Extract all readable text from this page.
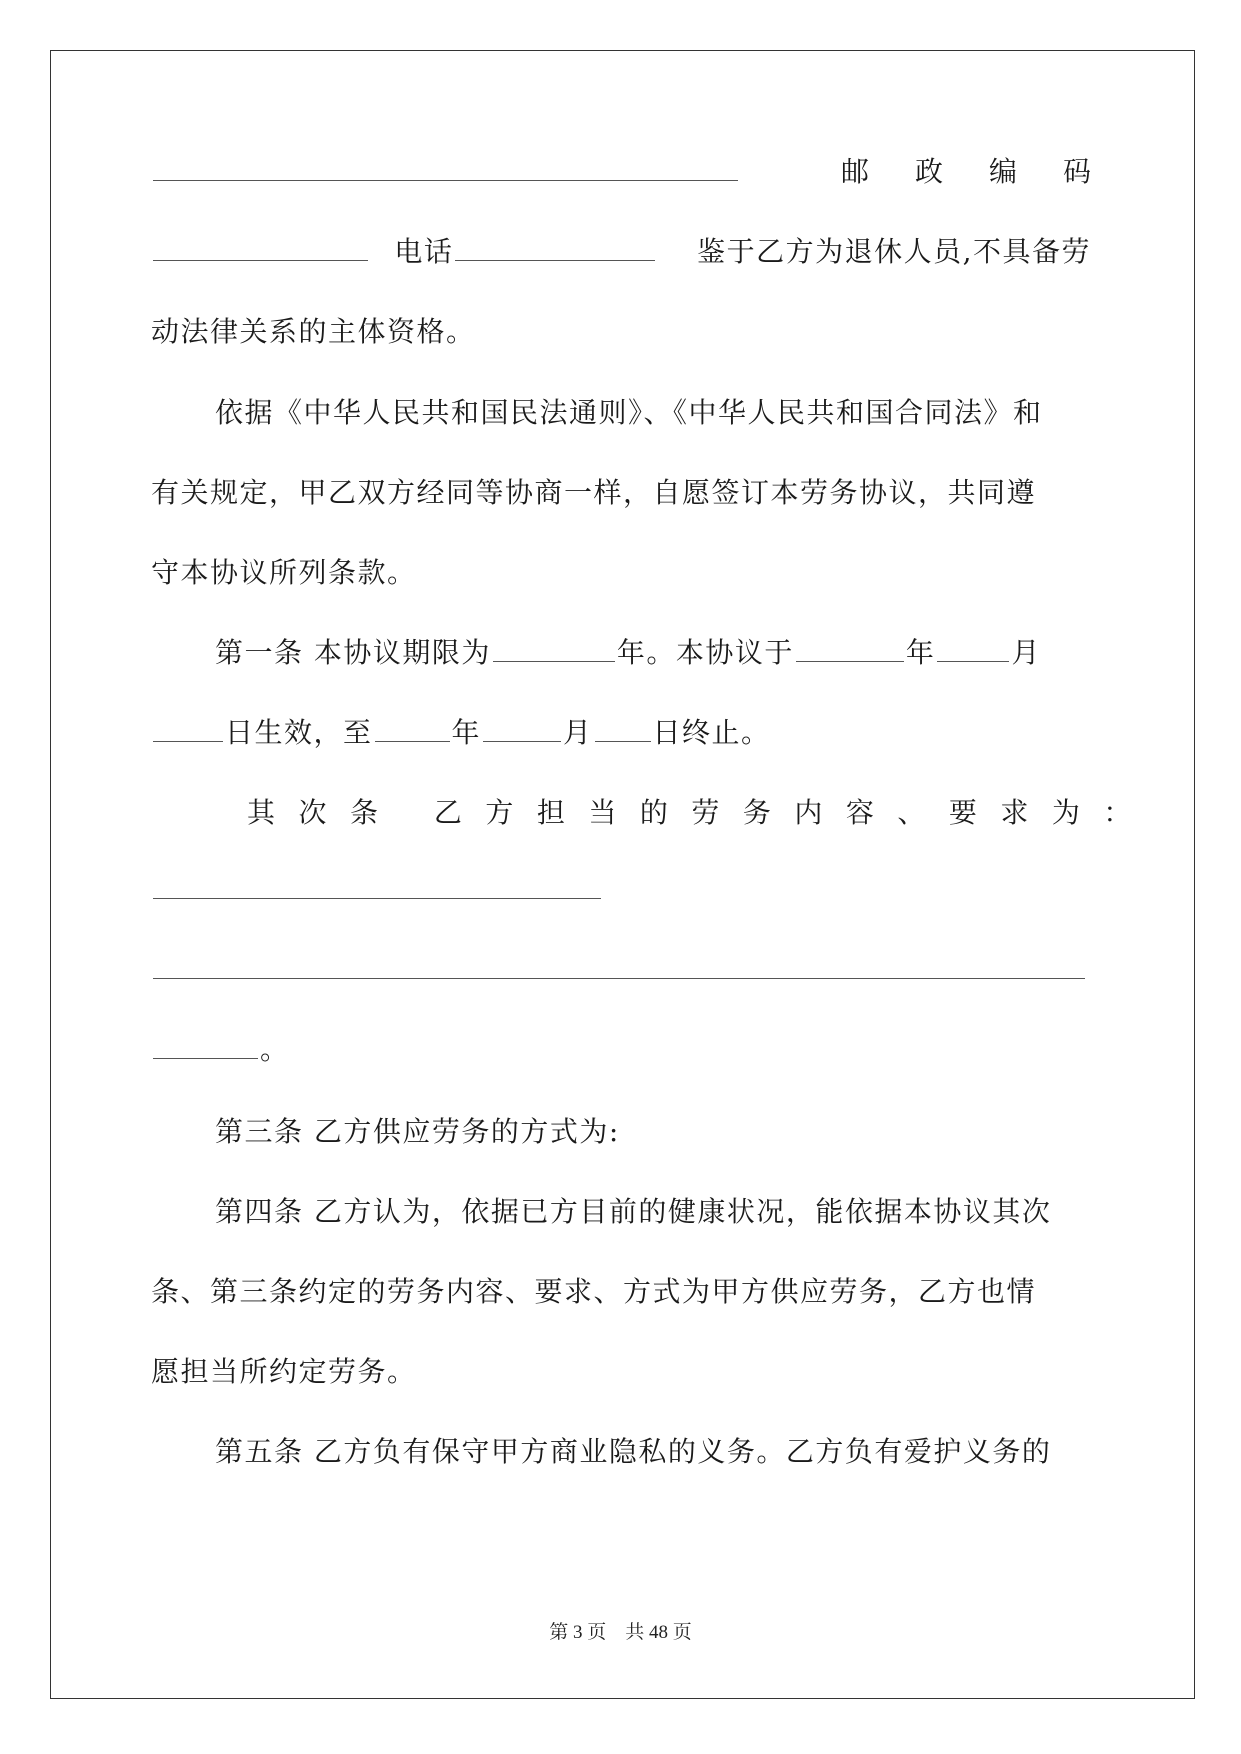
邮政编码
电话	鉴于乙方为退休人员,不具备劳
动法律关系的主体资格。
依据《中华人民共和国民法通则》、《中华人民共和国合同法》和
有关规定，甲乙双方经同等协商一样，自愿签订本劳务协议，共同遵
守本协议所列条款。
第一条 本协议期限为	年。本协议于	年	月
日生效，至	年	月 日终止。
其次条 乙方担当的劳务内容、要求为：
。
第三条 乙方供应劳务的方式为:
第四条 乙方认为，依据已方目前的健康状况，能依据本协议其次
条、第三条约定的劳务内容、要求、方式为甲方供应劳务，乙方也情
愿担当所约定劳务。
第五条 乙方负有保守甲方商业隐私的义务。乙方负有爱护义务的
第 3 页　共 48 页
